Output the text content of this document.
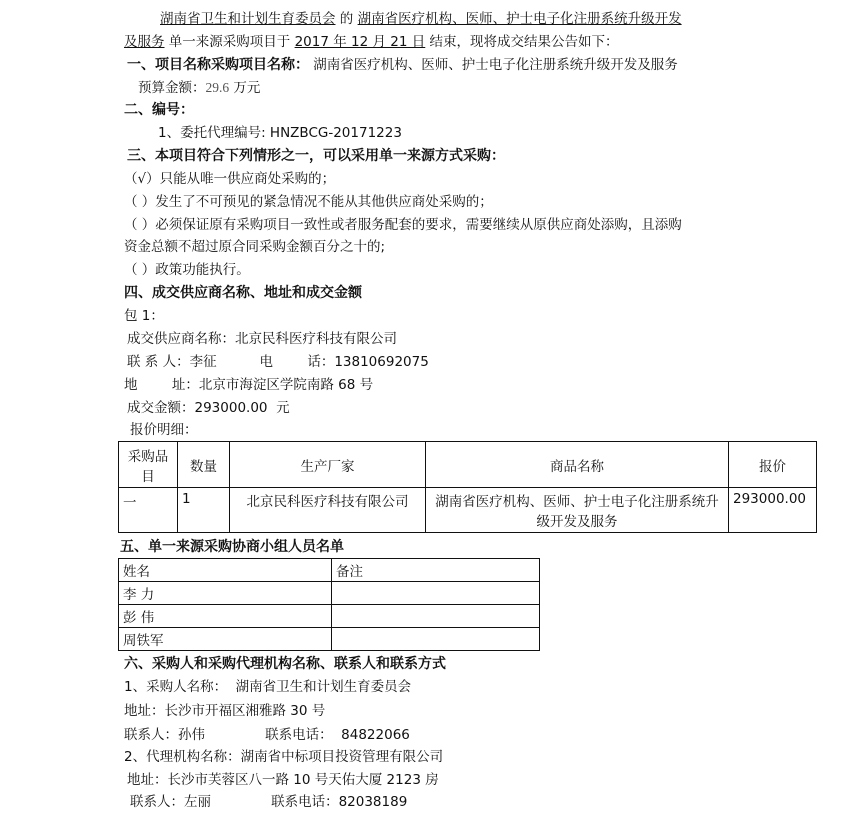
湖南省卫生和计划生育委员会 的 湖南省医疗机构、医师、护士电子化注册系统升级开发
及服务 单一来源采购项目于 2017 年 12 月 21 日 结束，现将成交结果公告如下：
一、项目名称采购项目名称： 湖南省医疗机构、医师、护士电子化注册系统升级开发及服务
预算金额：29.6 万元
二、编号：
1、委托代理编号: HNZBCG-20171223
三、本项目符合下列情形之一，可以采用单一来源方式采购：
（√）只能从唯一供应商处采购的；
（ ）发生了不可预见的紧急情况不能从其他供应商处采购的；
（ ）必须保证原有采购项目一致性或者服务配套的要求，需要继续从原供应商处添购，且添购
资金总额不超过原合同采购金额百分之十的;
（ ）政策功能执行。
四、成交供应商名称、地址和成交金额
包 1：
成交供应商名称：北京民科医疗科技有限公司
联 系 人：李征          电        话：13810692075
地        址：北京市海淀区学院南路 68 号
成交金额：293000.00  元
报价明细：
采购品目	数量	生产厂家	商品名称	报价
一	1	北京民科医疗科技有限公司	湖南省医疗机构、医师、护士电子化注册系统升级开发及服务	293000.00
五、单一来源采购协商小组人员名单
姓名	备注
李 力	
彭 伟	
周铁军	
六、采购人和采购代理机构名称、联系人和联系方式
1、采购人名称：  湖南省卫生和计划生育委员会
地址：长沙市开福区湘雅路 30 号
联系人：孙伟              联系电话：  84822066
2、代理机构名称：湖南省中标项目投资管理有限公司
地址：长沙市芙蓉区八一路 10 号天佑大厦 2123 房
联系人：左丽              联系电话：82038189
